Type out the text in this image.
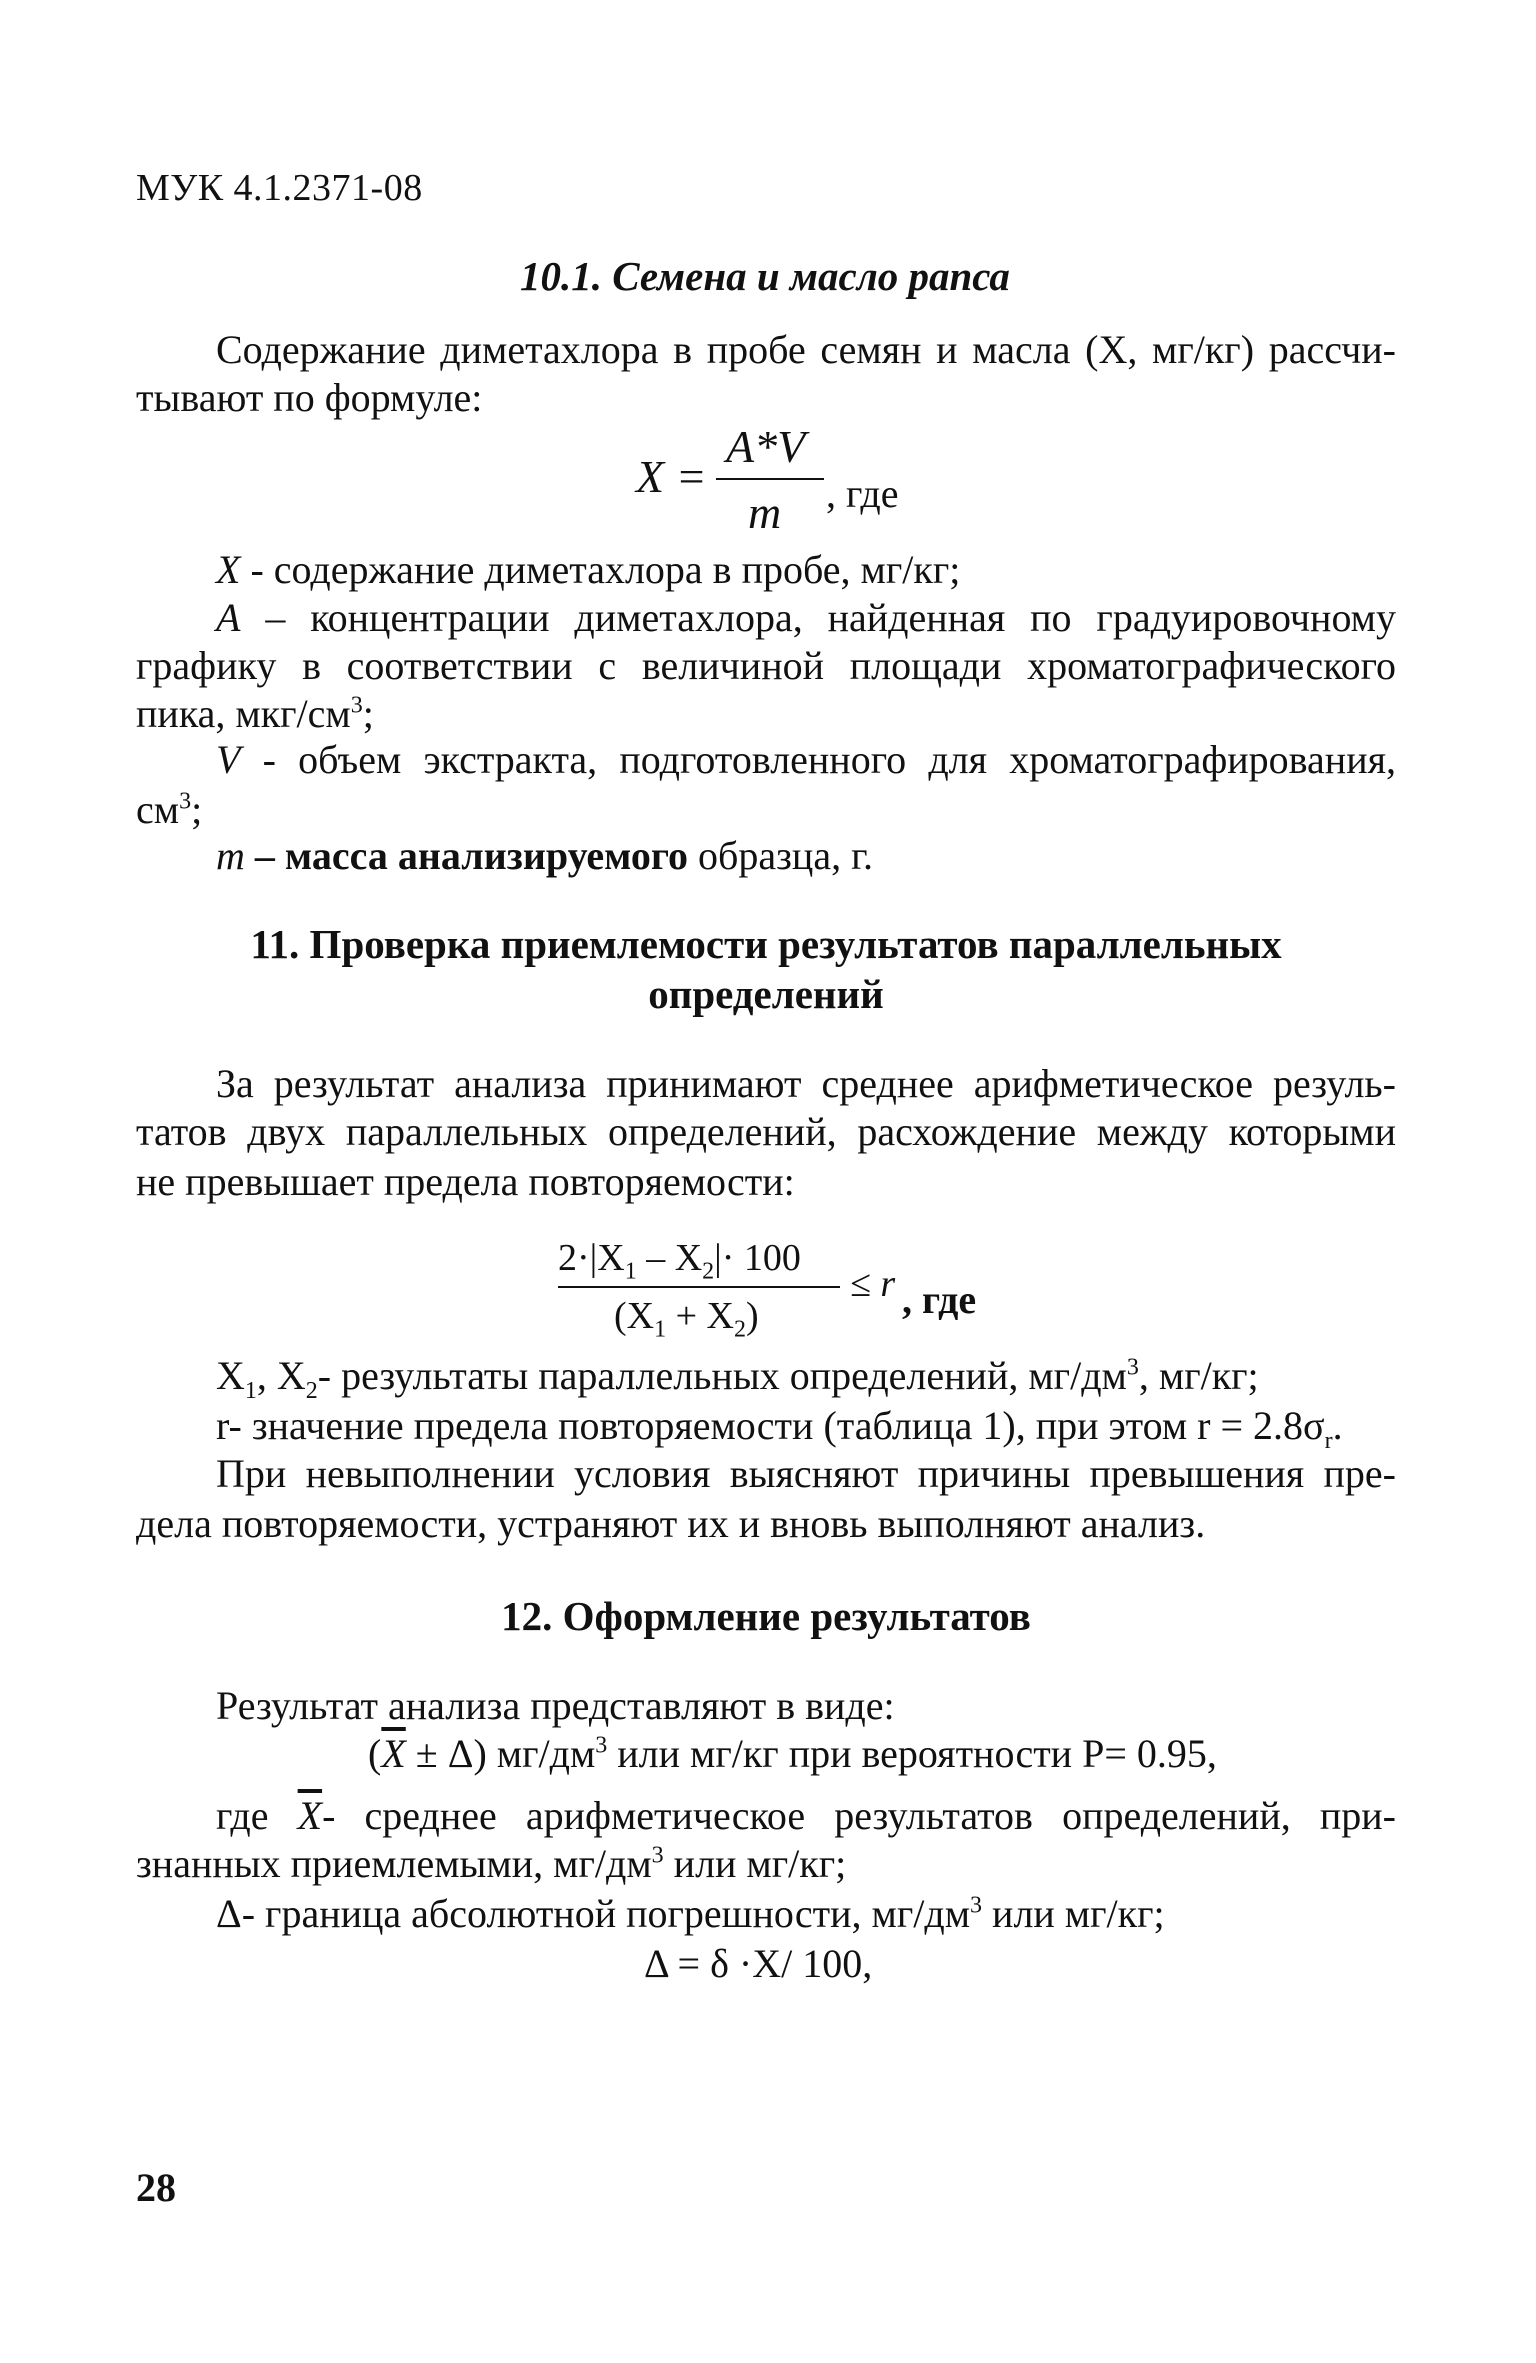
МУК 4.1.2371-08
10.1. Семена и масло рапса
Содержание диметахлора в пробе семян и масла (X, мг/кг) рассчи-
тывают по формуле:
X =
A*V
m , где
X - содержание диметахлора в пробе, мг/кг;
A – концентрации диметахлора, найденная по градуировочному
графику в соответствии с величиной площади хроматографического
пика, мкг/$см^3$;
V - объем экстракта, подготовленного для хроматографирования,
$см^3$;
m – масса анализируемого образца, г.
11. Проверка приемлемости результатов параллельных
определений
За результат анализа принимают среднее арифметическое резуль-
татов двух параллельных определений, расхождение между которыми
не превышает предела повторяемости:
$2\cdot|X_1 - X_2|\cdot 100$
$(X_1 + X_2)$
≤ r , где
$X_1$, $X_2-$ результаты параллельных определений, $мг/дм^3$, мг/кг;
r- значение предела повторяемости (таблица 1), при этом $r = 2.8\sigma_r$.
При невыполнении условия выясняют причины превышения пре-
дела повторяемости, устраняют их и вновь выполняют анализ.
12. Оформление результатов
Результат анализа представляют в виде:
$(\overline{X} \pm \Delta)$ $мг/дм^3$ или мг/кг при вероятности P= 0.95,
где $\overline{X}-$ среднее арифметическое результатов определений, при-
знанных приемлемыми, $мг/дм^3$ или мг/кг;
Δ- граница абсолютной погрешности, $мг/дм^3$ или мг/кг;
Δ = δ ·X/ 100,
28
